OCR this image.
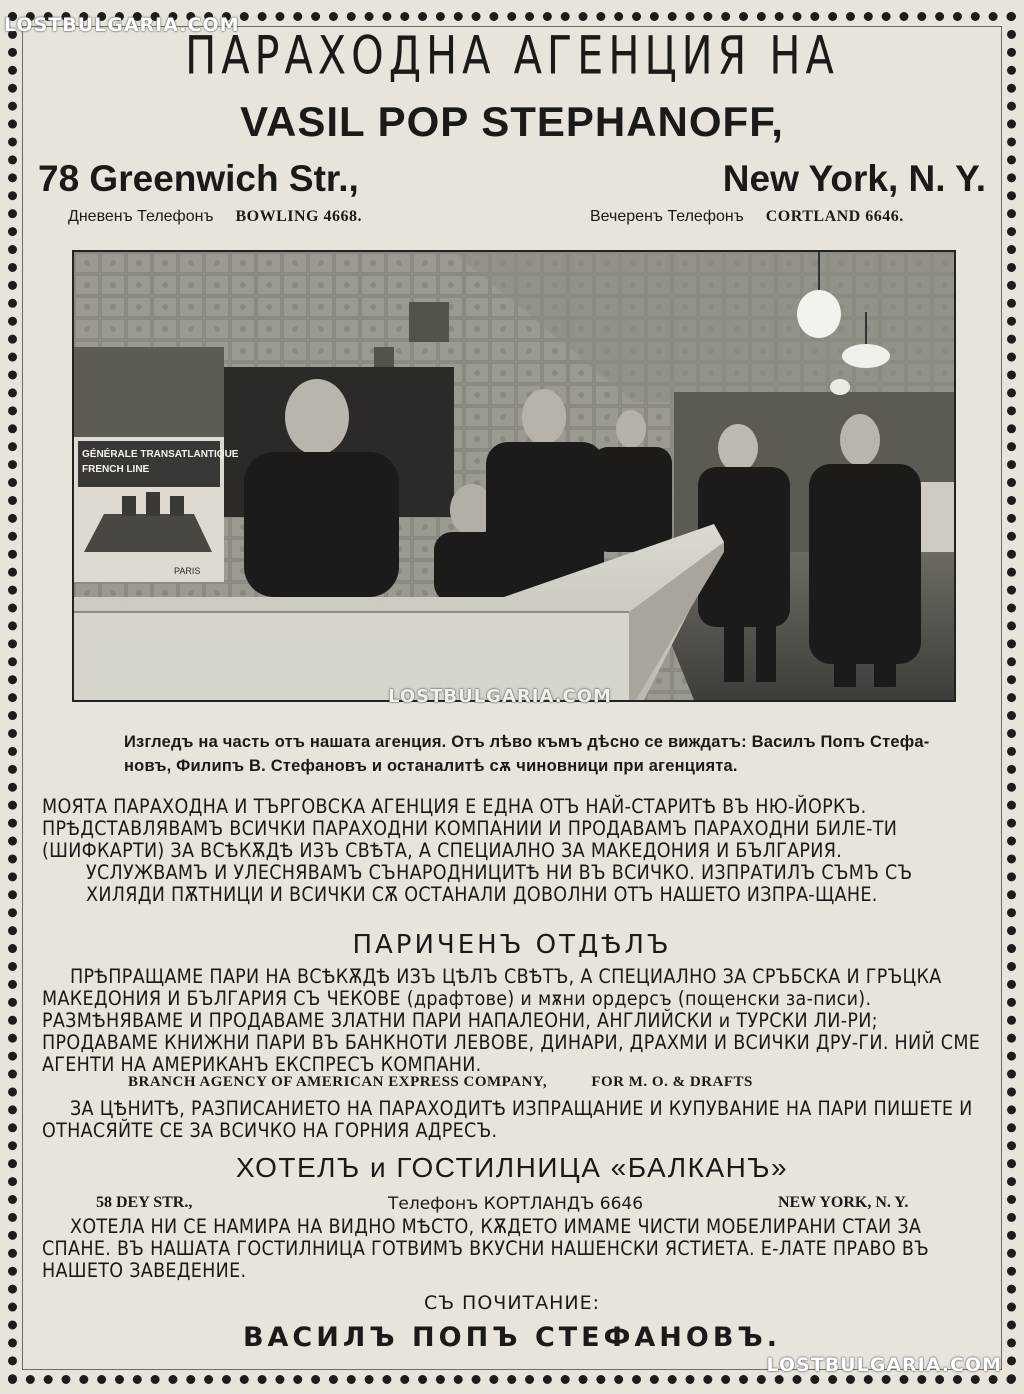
LOSTBULGARIA.COM
ПАРАХОДНА АГЕНЦИЯ НА
VASIL POP STEPHANOFF,
78 Greenwich Str.,	New York, N. Y.
Дневенъ Телефонъ BOWLING 4668.	Вечеренъ Телефонъ CORTLAND 6646.
GÉNÉRALE TRANSATLANTIQUE
FRENCH LINE
PARIS
LOSTBULGARIA.COM
Изгледъ на часть отъ нашата агенция. Отъ лѣво къмъ дѣсно се виждатъ: Василъ Попъ Стефа-новъ, Филипъ В. Стефановъ и останалитѣ сѫ чиновници при агенцията.
МОЯТА ПАРАХОДНА И ТЪРГОВСКА АГЕНЦИЯ Е ЕДНА ОТЪ НАЙ-СТАРИТѢ ВЪ НЮ-ЙОРКЪ. ПРѢДСТАВЛЯВАМЪ ВСИЧКИ ПАРАХОДНИ КОМПАНИИ И ПРОДАВАМЪ ПАРАХОДНИ БИЛЕ-ТИ (ШИФКАРТИ) ЗА ВСѢКѪДѢ ИЗЪ СВѢТА, А СПЕЦИАЛНО ЗА МАКЕДОНИЯ И БЪЛГАРИЯ.
УСЛУЖВАМЪ И УЛЕСНЯВАМЪ СЪНАРОДНИЦИТѢ НИ ВЪ ВСИЧКО. ИЗПРАТИЛЪ СЪМЪ СЪ ХИЛЯДИ ПѪТНИЦИ И ВСИЧКИ СѪ ОСТАНАЛИ ДОВОЛНИ ОТЪ НАШЕТО ИЗПРА-ЩАНЕ.
ПАРИЧЕНЪ ОТДѢЛЪ
ПРѢПРАЩАМЕ ПАРИ НА ВСѢКѪДѢ ИЗЪ ЦѢЛЪ СВѢТЪ, А СПЕЦИАЛНО ЗА СРЪБСКА И ГРЪЦКА МАКЕДОНИЯ И БЪЛГАРИЯ СЪ ЧЕКОВЕ (драфтове) и мѫни ордерсъ (пощенски за-писи). РАЗМѢНЯВАМЕ И ПРОДАВАМЕ ЗЛАТНИ ПАРИ НАПАЛЕОНИ, АНГЛИЙСКИ и ТУРСКИ ЛИ-РИ; ПРОДАВАМЕ КНИЖНИ ПАРИ ВЪ БАНКНОТИ ЛЕВОВЕ, ДИНАРИ, ДРАХМИ И ВСИЧКИ ДРУ-ГИ. НИЙ СМЕ АГЕНТИ НА АМЕРИКАНЪ ЕКСПРЕСЪ КОМПАНИ.
BRANCH AGENCY OF AMERICAN EXPRESS COMPANY,	FOR M. O. & DRAFTS
ЗА ЦѢНИТѢ, РАЗПИСАНИЕТО НА ПАРАХОДИТѢ ИЗПРАЩАНИЕ И КУПУВАНИЕ НА ПАРИ ПИШЕТЕ И ОТНАСЯЙТЕ СЕ ЗА ВСИЧКО НА ГОРНИЯ АДРЕСЪ.
ХОТЕЛЪ и ГОСТИЛНИЦА «БАЛКАНЪ»
58 DEY STR.,	Телефонъ КОРТЛАНДЪ 6646	NEW YORK, N. Y.
ХОТЕЛА НИ СЕ НАМИРА НА ВИДНО МѢСТО, КѪДЕТО ИМАМЕ ЧИСТИ МОБЕЛИРАНИ СТАИ ЗА СПАНЕ. ВЪ НАШАТА ГОСТИЛНИЦА ГОТВИМЪ ВКУСНИ НАШЕНСКИ ЯСТИЕТА. Е-ЛАТЕ ПРАВО ВЪ НАШЕТО ЗАВЕДЕНИЕ.
СЪ ПОЧИТАНИЕ:
ВАСИЛЪ ПОПЪ СТЕФАНОВЪ.
LOSTBULGARIA.COM
